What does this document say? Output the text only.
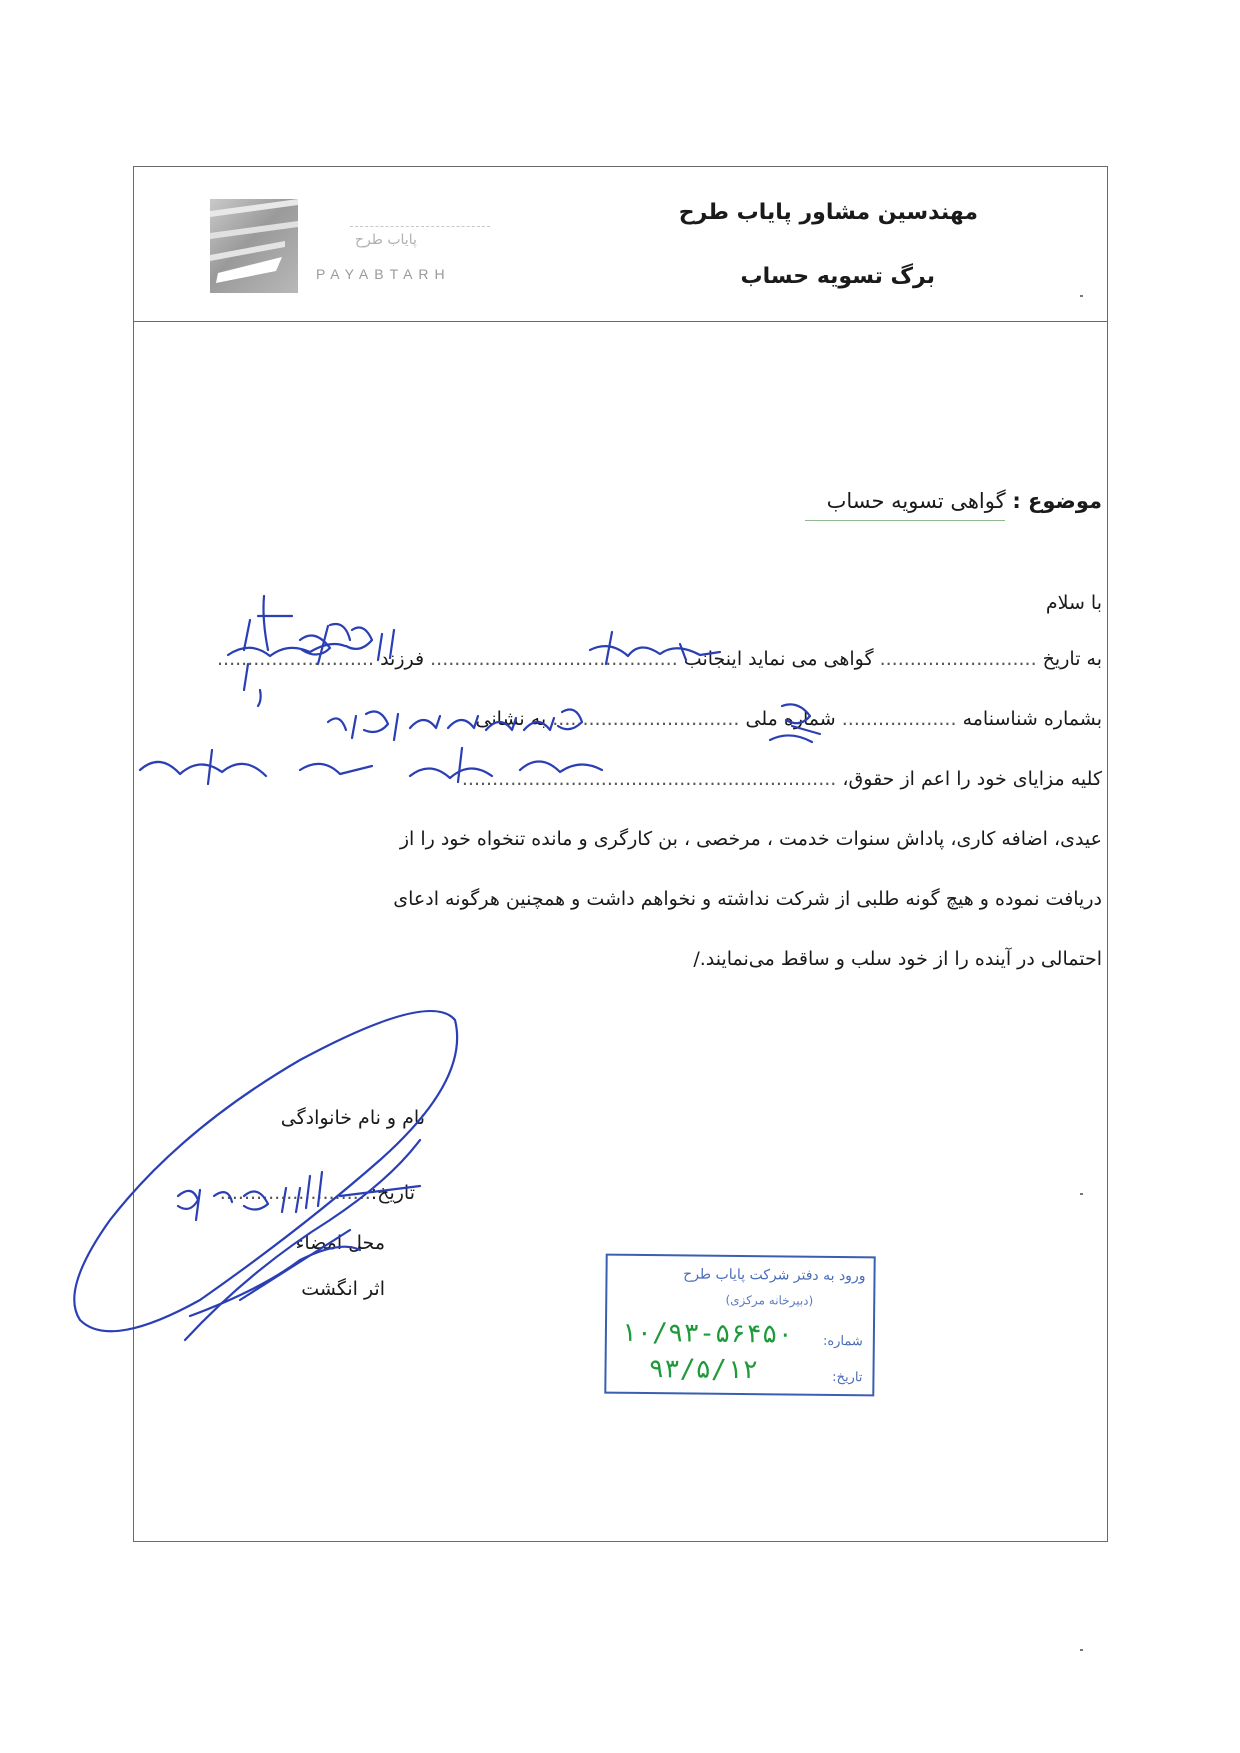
پایاب طرح
PAYABTARH
مهندسین مشاور پایاب طرح
برگ تسویه حساب
موضوع : گواهی تسویه حساب
با سلام
به تاریخ .......................... گواهی می نماید اینجانب ......................................... فرزند ..........................
بشماره شناسنامه ................... شماره ملی ............................... به نشانی
کلیه مزایای خود را اعم از حقوق، ..............................................................
عیدی، اضافه کاری، پاداش سنوات خدمت ، مرخصی ، بن کارگری و مانده تنخواه خود را از
دریافت نموده و هیچ گونه طلبی از شرکت نداشته و نخواهم داشت و همچنین هرگونه ادعای
احتمالی در آینده را از خود سلب و ساقط می‌نمایند./
نام و نام خانوادگی
تاریخ:.........................
محل امضاء
اثر انگشت
ورود به دفتر شرکت پایاب طرح
(دبیرخانه مرکزی)
شماره:
۱۰/۹۳-۵۶۴۵۰
تاریخ:
۹۳/۵/۱۲
